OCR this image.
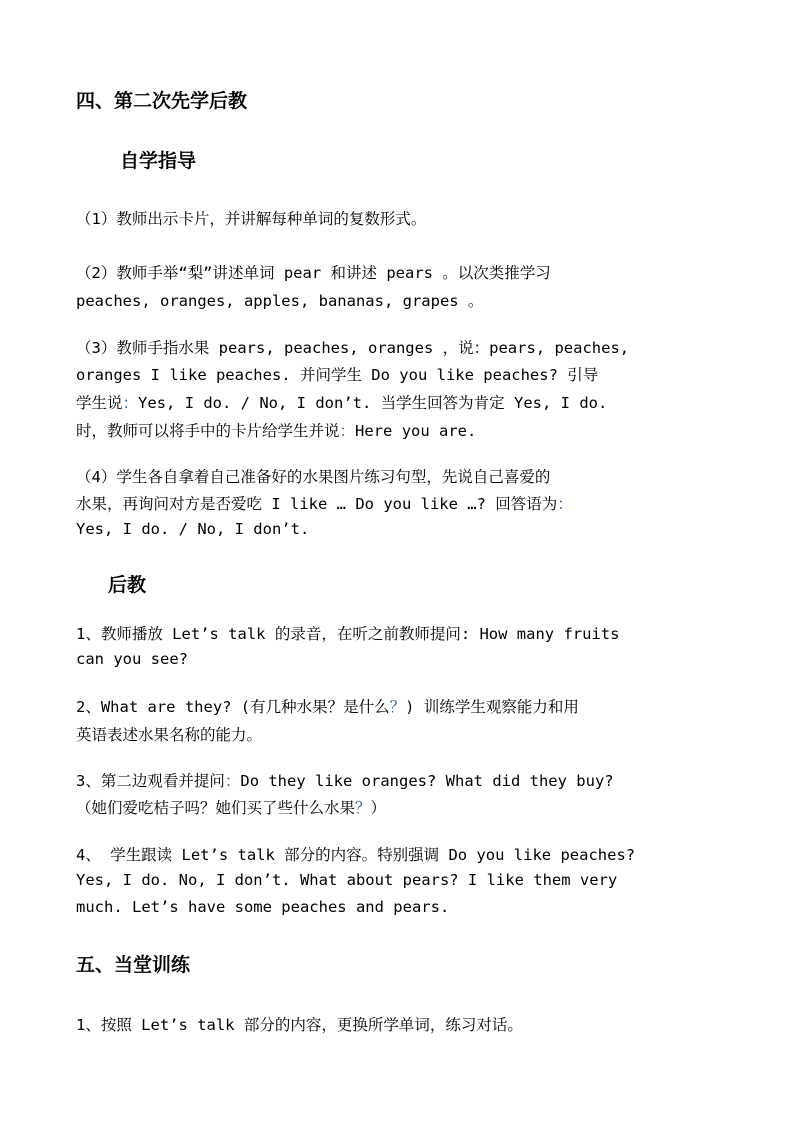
四、第二次先学后教
自学指导
（1）教师出示卡片，并讲解每种单词的复数形式。
（2）教师手举“梨”讲述单词 pear 和讲述 pears 。以次类推学习
peaches, oranges, apples, bananas, grapes 。
（3）教师手指水果 pears, peaches, oranges ，说：pears, peaches,
oranges I like peaches. 并问学生 Do you like peaches? 引导
学生说：Yes, I do. / No, I don’t. 当学生回答为肯定 Yes, I do.
时，教师可以将手中的卡片给学生并说：Here you are.
（4）学生各自拿着自己准备好的水果图片练习句型，先说自己喜爱的
水果，再询问对方是否爱吃 I like … Do you like …? 回答语为：
Yes, I do. / No, I don’t.
后教
1、教师播放 Let’s talk 的录音，在听之前教师提问: How many fruits
can you see?
2、What are they? (有几种水果？是什么？) 训练学生观察能力和用
英语表述水果名称的能力。
3、第二边观看并提问：Do they like oranges? What did they buy?
（她们爱吃桔子吗？她们买了些什么水果？）
4、 学生跟读 Let’s talk 部分的内容。特别强调 Do you like peaches?
Yes, I do. No, I don’t. What about pears? I like them very
much. Let’s have some peaches and pears.
五、当堂训练
1、按照 Let’s talk 部分的内容，更换所学单词，练习对话。
